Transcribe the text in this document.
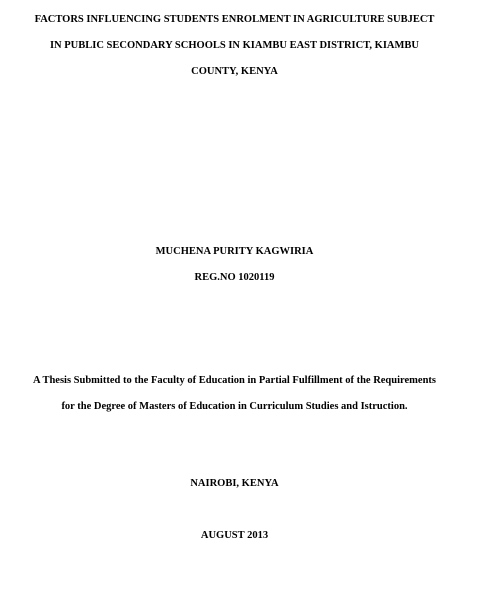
FACTORS INFLUENCING STUDENTS ENROLMENT IN AGRICULTURE SUBJECT
IN PUBLIC SECONDARY SCHOOLS IN KIAMBU EAST DISTRICT, KIAMBU
COUNTY, KENYA
MUCHENA PURITY KAGWIRIA
REG.NO 1020119
A Thesis Submitted to the Faculty of Education in Partial Fulfillment of the Requirements
for the Degree of Masters of Education in Curriculum Studies and Istruction.
NAIROBI, KENYA
AUGUST 2013
